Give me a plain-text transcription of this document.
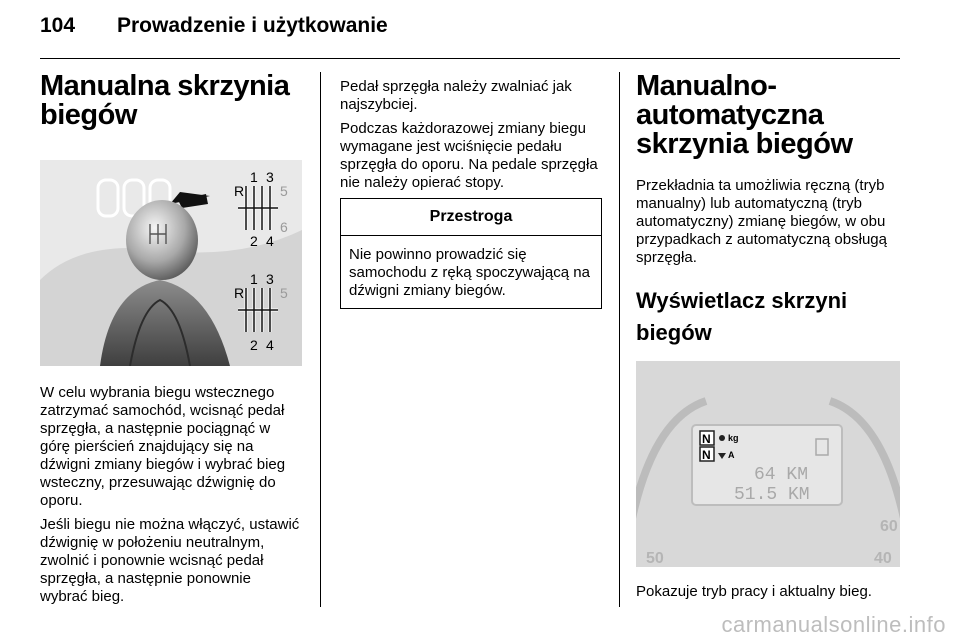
104 Prowadzenie i użytkowanie
Manualna skrzynia biegów
R
1 3
5
2 4
6
R
1 3
5
2 4

W celu wybrania biegu wstecznego zatrzymać samochód, wcisnąć pedał sprzęgła, a następnie pociągnąć w górę pierścień znajdujący się na dźwigni zmiany biegów i wybrać bieg wsteczny, przesuwając dźwignię do oporu.

Jeśli biegu nie można włączyć, ustawić dźwignię w położeniu neutralnym, zwolnić i ponownie wcisnąć pedał sprzęgła, a następnie ponownie wybrać bieg.

Pedał sprzęgła należy zwalniać jak najszybciej.

Podczas każdorazowej zmiany biegu wymagane jest wciśnięcie pedału sprzęgła do oporu. Na pedale sprzęgła nie należy opierać stopy.

Przestroga
Nie powinno prowadzić się samochodu z ręką spoczywającą na dźwigni zmiany biegów.
Manualno-automatyczna skrzynia biegów

Przekładnia ta umożliwia ręczną (tryb manualny) lub automatyczną (tryb automatyczny) zmianę biegów, w obu przypadkach z automatyczną obsługą sprzęgła.

Wyświetlacz skrzyni biegów
N
N
kg
A
64 KM
51.5 KM
50
60
40

Pokazuje tryb pracy i aktualny bieg.

carmanualsonline.info
